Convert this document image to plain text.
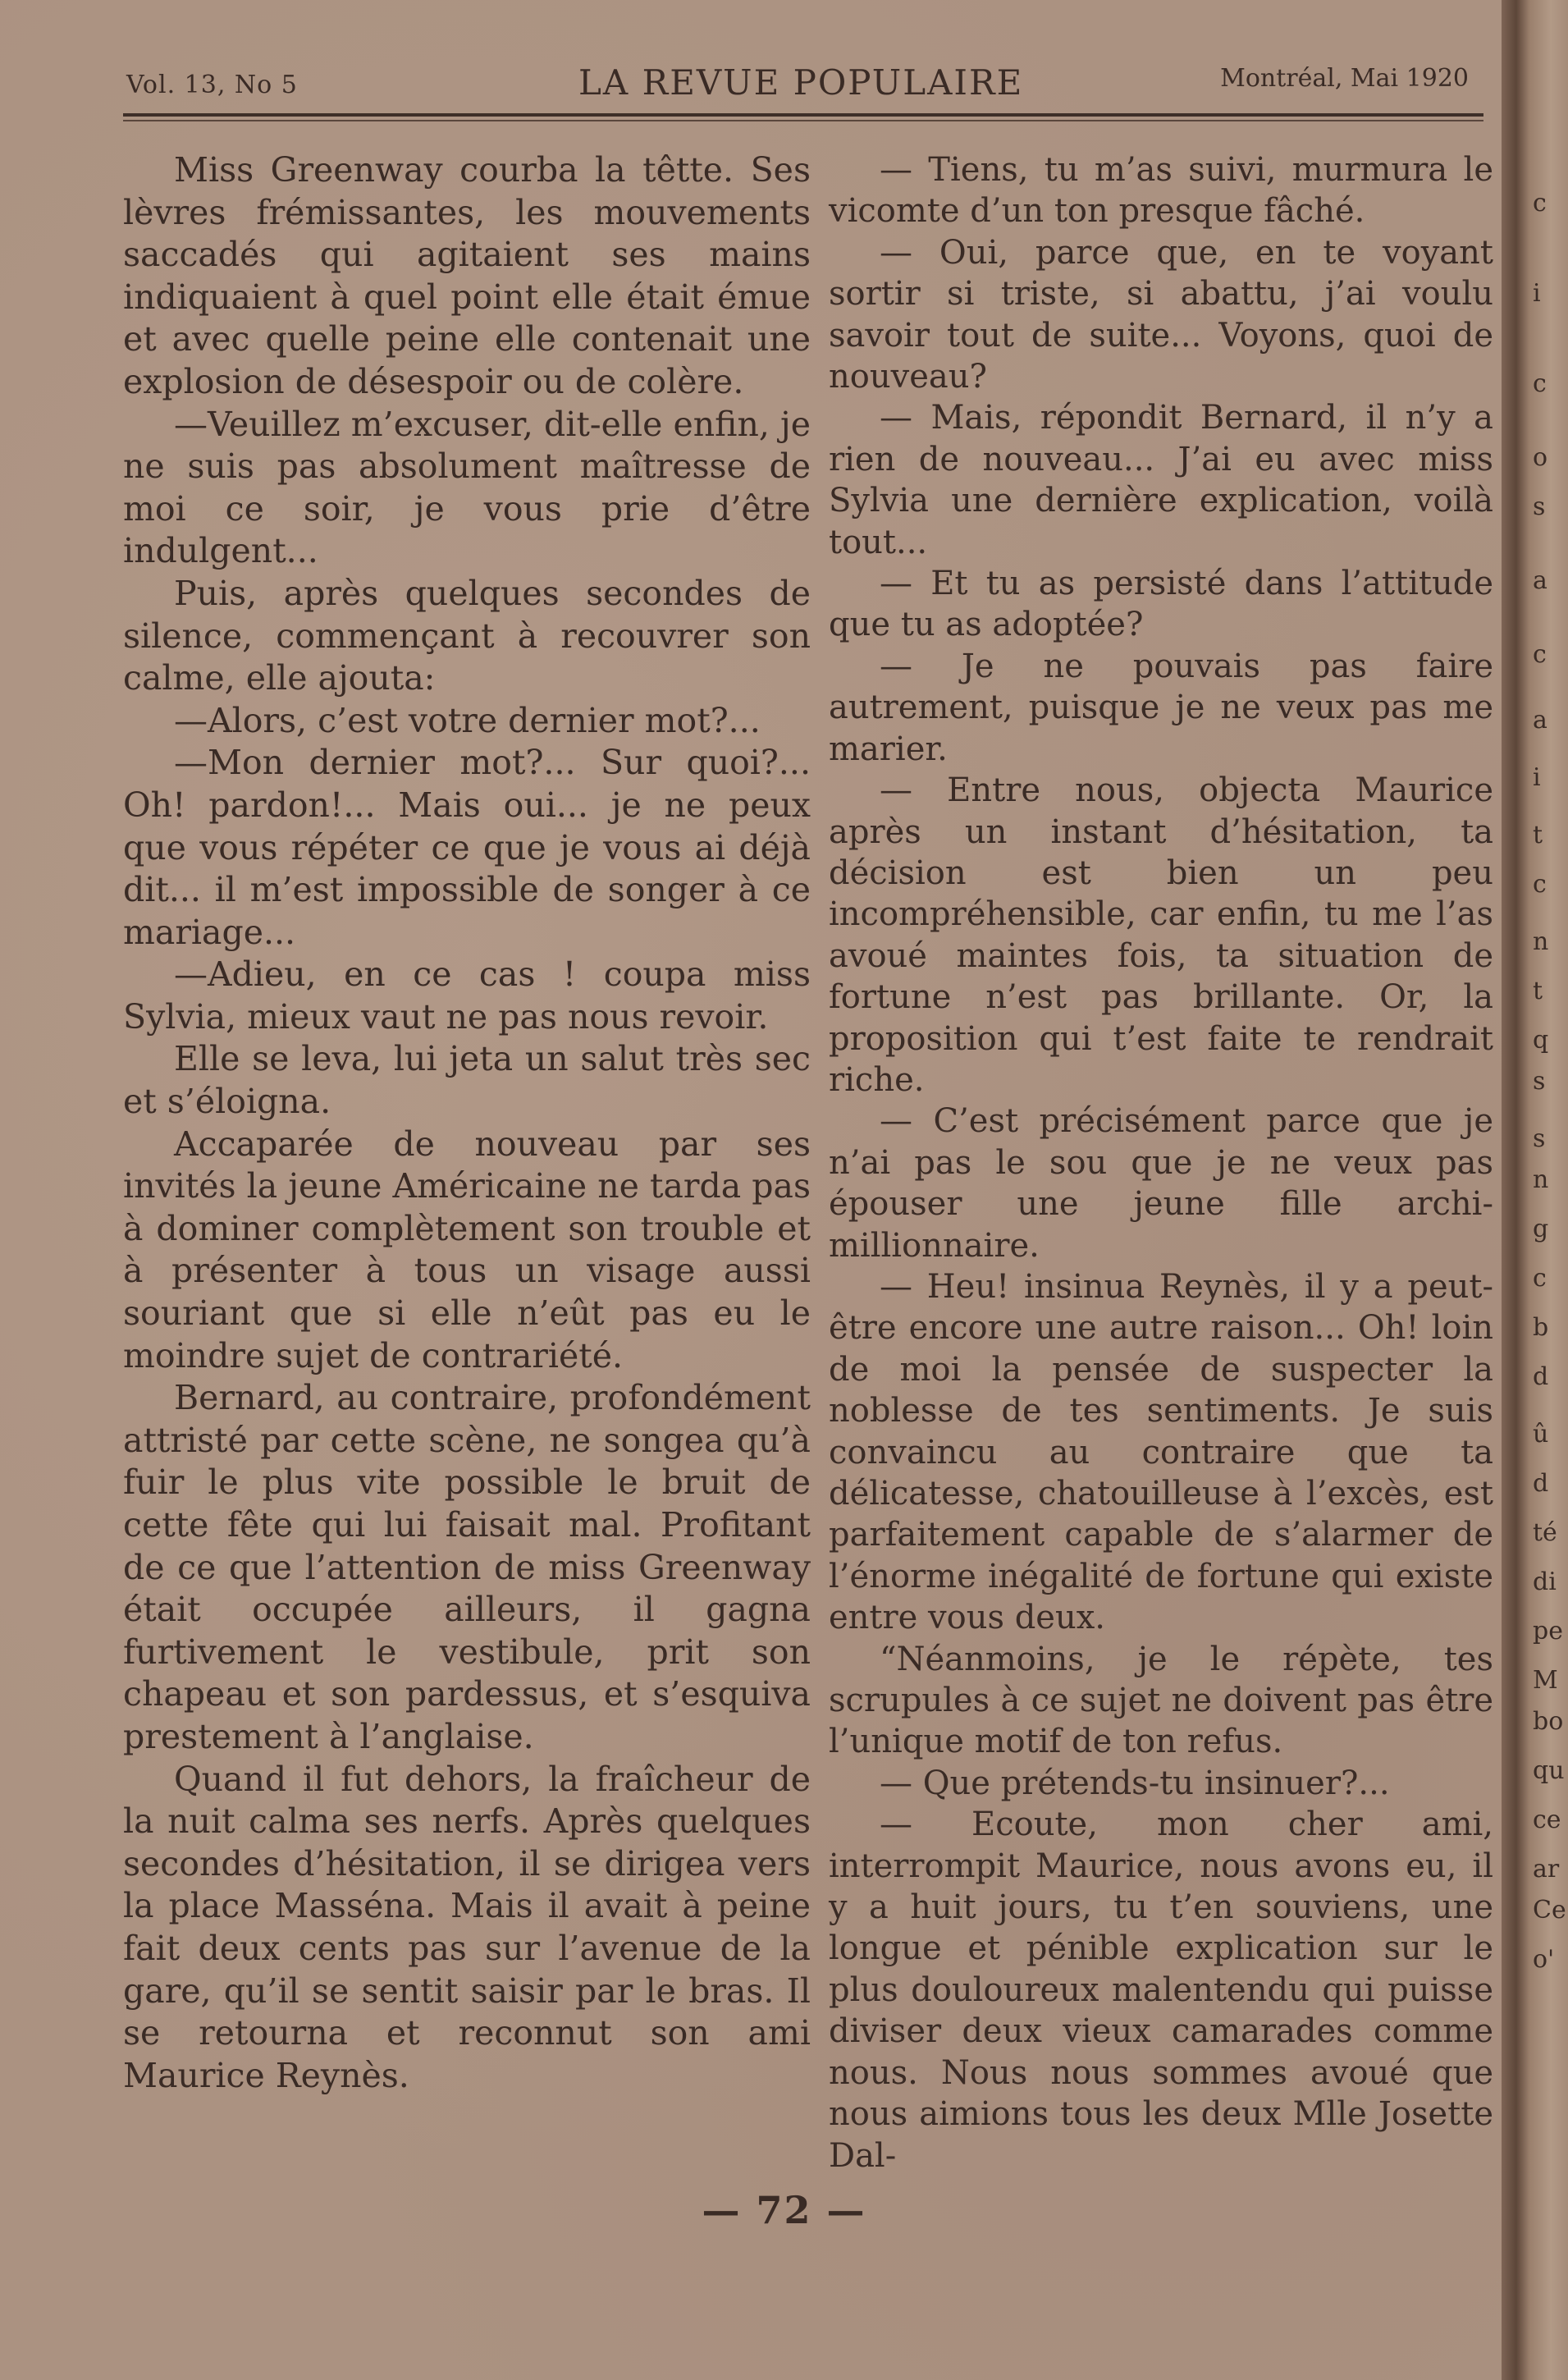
Vol. 13, No 5	LA REVUE POPULAIRE	Montréal, Mai 1920

Miss Greenway courba la têtte. Ses lèvres frémissantes, les mouvements saccadés qui agitaient ses mains indiquaient à quel point elle était émue et avec quelle peine elle contenait une explosion de désespoir ou de colère.

—Veuillez m’excuser, dit-elle enfin, je ne suis pas absolument maîtresse de moi ce soir, je vous prie d’être indulgent...

Puis, après quelques secondes de silence, commençant à recouvrer son calme, elle ajouta:

—Alors, c’est votre dernier mot?...

—Mon dernier mot?... Sur quoi?... Oh! pardon!... Mais oui... je ne peux que vous répéter ce que je vous ai déjà dit... il m’est impossible de songer à ce mariage...

—Adieu, en ce cas ! coupa miss Sylvia, mieux vaut ne pas nous revoir.

Elle se leva, lui jeta un salut très sec et s’éloigna.

Accaparée de nouveau par ses invités la jeune Américaine ne tarda pas à dominer complètement son trouble et à présenter à tous un visage aussi souriant que si elle n’eût pas eu le moindre sujet de contrariété.

Bernard, au contraire, profondément attristé par cette scène, ne songea qu’à fuir le plus vite possible le bruit de cette fête qui lui faisait mal. Profitant de ce que l’attention de miss Greenway était occupée ailleurs, il gagna furtivement le vestibule, prit son chapeau et son pardessus, et s’esquiva prestement à l’anglaise.

Quand il fut dehors, la fraîcheur de la nuit calma ses nerfs. Après quelques secondes d’hésitation, il se dirigea vers la place Masséna. Mais il avait à peine fait deux cents pas sur l’avenue de la gare, qu’il se sentit saisir par le bras. Il se retourna et reconnut son ami Maurice Reynès.

— Tiens, tu m’as suivi, murmura le vicomte d’un ton presque fâché.

— Oui, parce que, en te voyant sortir si triste, si abattu, j’ai voulu savoir tout de suite... Voyons, quoi de nouveau?

— Mais, répondit Bernard, il n’y a rien de nouveau... J’ai eu avec miss Sylvia une dernière explication, voilà tout...

— Et tu as persisté dans l’attitude que tu as adoptée?

— Je ne pouvais pas faire autrement, puisque je ne veux pas me marier.

— Entre nous, objecta Maurice après un instant d’hésitation, ta décision est bien un peu incompréhensible, car enfin, tu me l’as avoué maintes fois, ta situation de fortune n’est pas brillante. Or, la proposition qui t’est faite te rendrait riche.

— C’est précisément parce que je n’ai pas le sou que je ne veux pas épouser une jeune fille archi-millionnaire.

— Heu! insinua Reynès, il y a peut-être encore une autre raison... Oh! loin de moi la pensée de suspecter la noblesse de tes sentiments. Je suis convaincu au contraire que ta délicatesse, chatouilleuse à l’excès, est parfaitement capable de s’alarmer de l’énorme inégalité de fortune qui existe entre vous deux.

“Néanmoins, je le répète, tes scrupules à ce sujet ne doivent pas être l’unique motif de ton refus.

— Que prétends-tu insinuer?...

— Ecoute, mon cher ami, interrompit Maurice, nous avons eu, il y a huit jours, tu t’en souviens, une longue et pénible explication sur le plus douloureux malentendu qui puisse diviser deux vieux camarades comme nous. Nous nous sommes avoué que nous aimions tous les deux Mlle Josette Dal-

c
i
c
o
s
a
c
a
i
t
c
n
t
q
s
s
n
g
c
b
d
û
d
té
di
pe
M
bo
qu
ce
ar
Ce
o'
— 72 —
